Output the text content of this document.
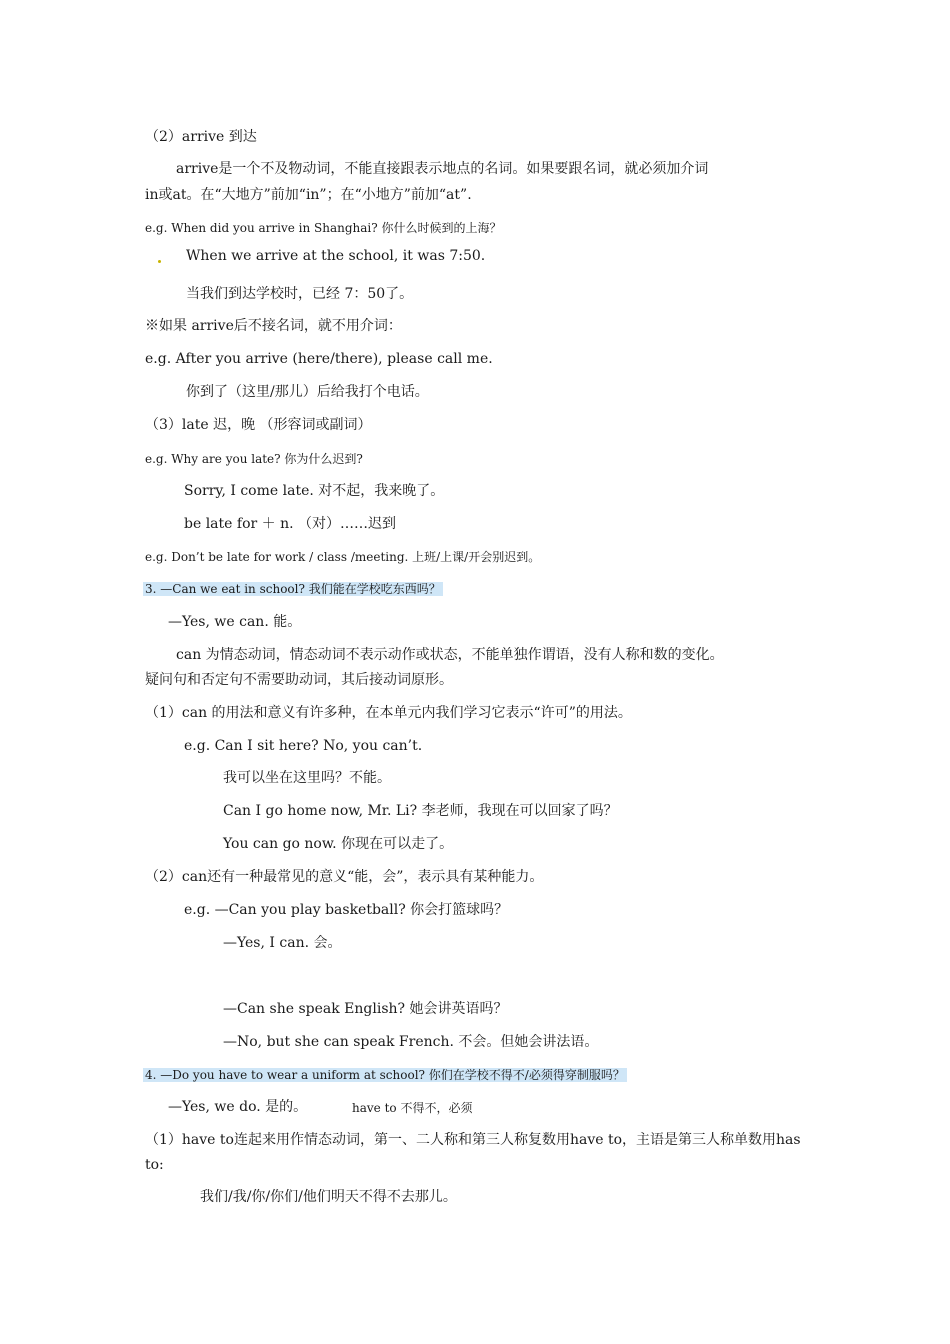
（2）arrive 到达
arrive是一个不及物动词，不能直接跟表示地点的名词。如果要跟名词，就必须加介词
in或at。在“大地方”前加“in”；在“小地方”前加“at”.
e.g. When did you arrive in Shanghai? 你什么时候到的上海？
When we arrive at the school, it was 7:50.
当我们到达学校时，已经 7：50了。
※如果 arrive后不接名词，就不用介词：
e.g. After you arrive (here/there), please call me.
你到了（这里/那儿）后给我打个电话。
（3）late 迟，晚 （形容词或副词）
e.g. Why are you late? 你为什么迟到?
Sorry, I come late. 对不起，我来晚了。
be late for ＋ n. （对）……迟到
e.g. Don’t be late for work / class /meeting. 上班/上课/开会别迟到。
3. —Can we eat in school? 我们能在学校吃东西吗？
—Yes, we can. 能。
can 为情态动词，情态动词不表示动作或状态，不能单独作谓语，没有人称和数的变化。
疑问句和否定句不需要助动词，其后接动词原形。
（1）can 的用法和意义有许多种，在本单元内我们学习它表示“许可”的用法。
e.g. Can I sit here? No, you can’t.
我可以坐在这里吗？不能。
Can I go home now, Mr. Li? 李老师，我现在可以回家了吗？
You can go now. 你现在可以走了。
（2）can还有一种最常见的意义“能，会”，表示具有某种能力。
e.g. —Can you play basketball? 你会打篮球吗？
—Yes, I can. 会。
—Can she speak English? 她会讲英语吗？
—No, but she can speak French. 不会。但她会讲法语。
4. —Do you have to wear a uniform at school? 你们在学校不得不/必须得穿制服吗？
—Yes, we do. 是的。	have to 不得不，必须
（1）have to连起来用作情态动词，第一、二人称和第三人称复数用have to，主语是第三人称单数用has to:
我们/我/你/你们/他们明天不得不去那儿。
